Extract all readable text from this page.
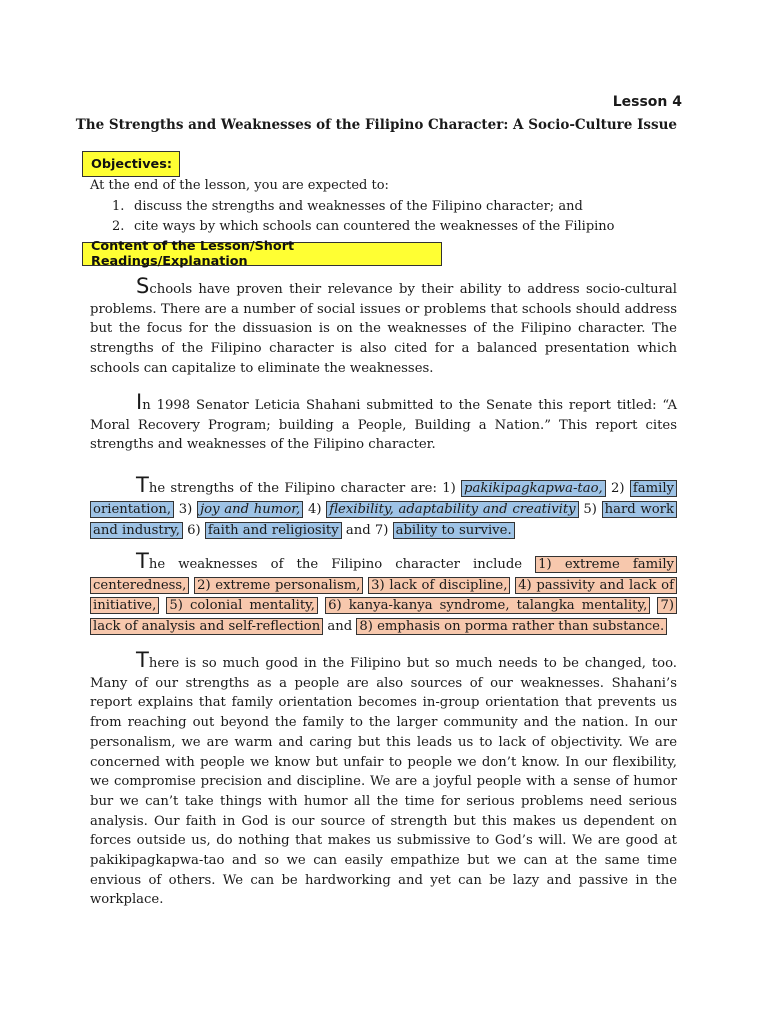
Lesson 4
The Strengths and Weaknesses of the Filipino Character: A Socio-Culture Issue
Objectives:
At the end of the lesson, you are expected to:
1. discuss the strengths and weaknesses of the Filipino character; and
2. cite ways by which schools can countered the weaknesses of the Filipino
Content of the Lesson/Short Readings/Explanation

Schools have proven their relevance by their ability to address socio-cultural problems. There are a number of social issues or problems that schools should address but the focus for the dissuasion is on the weaknesses of the Filipino character. The strengths of the Filipino character is also cited for a balanced presentation which schools can capitalize to eliminate the weaknesses.

In 1998 Senator Leticia Shahani submitted to the Senate this report titled: “A Moral Recovery Program; building a People, Building a Nation.” This report cites strengths and weaknesses of the Filipino character.

The strengths of the Filipino character are: 1) pakikipagkapwa-tao, 2) family orientation, 3) joy and humor, 4) flexibility, adaptability and creativity 5) hard work and industry, 6) faith and religiosity and 7) ability to survive.

The weaknesses of the Filipino character include 1) extreme family centeredness, 2) extreme personalism, 3) lack of discipline, 4) passivity and lack of initiative, 5) colonial mentality, 6) kanya-kanya syndrome, talangka mentality, 7) lack of analysis and self-reflection and 8) emphasis on porma rather than substance.

There is so much good in the Filipino but so much needs to be changed, too. Many of our strengths as a people are also sources of our weaknesses. Shahani’s report explains that family orientation becomes in-group orientation that prevents us from reaching out beyond the family to the larger community and the nation. In our personalism, we are warm and caring but this leads us to lack of objectivity. We are concerned with people we know but unfair to people we don’t know. In our flexibility, we compromise precision and discipline. We are a joyful people with a sense of humor bur we can’t take things with humor all the time for serious problems need serious analysis. Our faith in God is our source of strength but this makes us dependent on forces outside us, do nothing that makes us submissive to God’s will. We are good at pakikipagkapwa-tao and so we can easily empathize but we can at the same time envious of others. We can be hardworking and yet can be lazy and passive in the workplace.
